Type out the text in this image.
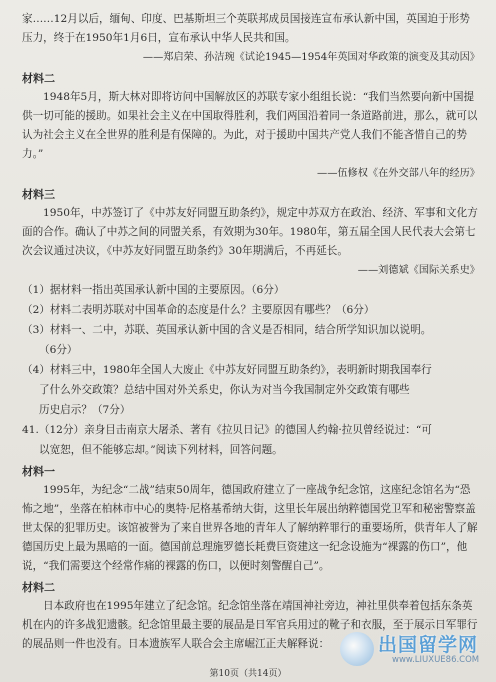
家……12月以后，缅甸、印度、巴基斯坦三个英联邦成员国接连宣布承认新中国，英国迫于形势压力，终于在1950年1月6日，宣布承认中华人民共和国。

——郑启荣、孙洁琬《试论1945—1954年英国对华政策的演变及其动因》

材料二

1948年5月，斯大林对即将访问中国解放区的苏联专家小组组长说：“我们当然要向新中国提供一切可能的援助。如果社会主义在中国取得胜利，我们两国沿着同一条道路前进，那么，就可以认为社会主义在全世界的胜利是有保障的。为此，对于援助中国共产党人我们不能吝惜自己的势力。”

——伍修权《在外交部八年的经历》

材料三

1950年，中苏签订了《中苏友好同盟互助条约》，规定中苏双方在政治、经济、军事和文化方面的合作。确认了中苏之间的同盟关系，有效期为30年。1980年，第五届全国人民代表大会第七次会议通过决议，《中苏友好同盟互助条约》30年期满后，不再延长。

——刘德斌《国际关系史》

（1）据材料一指出英国承认新中国的主要原因。（6分）

（2）材料二表明苏联对中国革命的态度是什么？主要原因有哪些？（6分）

（3）材料一、二中，苏联、英国承认新中国的含义是否相同，结合所学知识加以说明。
（6分）

（4）材料三中，1980年全国人大废止《中苏友好同盟互助条约》，表明新时期我国奉行
了什么外交政策？总结中国对外关系史，你认为对当今我国制定外交政策有哪些
历史启示？（7分）

41.（12分）亲身目击南京大屠杀、著有《拉贝日记》的德国人约翰·拉贝曾经说过：“可
以宽恕，但不能够忘却。”阅读下列材料，回答问题。

材料一

1995年，为纪念“二战”结束50周年，德国政府建立了一座战争纪念馆，这座纪念馆名为“恐怖之地”，坐落在柏林市中心的奥特·尼格基希纳大街，这里长年展出纳粹德国党卫军和秘密警察盖世太保的犯罪历史。该馆被誉为了来自世界各地的青年人了解纳粹罪行的重要场所，供青年人了解德国历史上最为黑暗的一面。德国前总理施罗德长耗费巨资建这一纪念设施为“裸露的伤口”，他说，“我们需要这个经常作痛的裸露的伤口，以便时刻警醒自己”。

材料二

日本政府也在1995年建立了纪念馆。纪念馆坐落在靖国神社旁边，神社里供奉着包括东条英机在内的许多战犯遗骸。纪念馆里最主要的展品是日军官兵用过的靴子和衣服，至于展示日军罪行的展品则一件也没有。日本遗族军人联合会主席崛江正夫解释说：

第10页（共14页）
出国留学网
www.LIUXUE86.COM
